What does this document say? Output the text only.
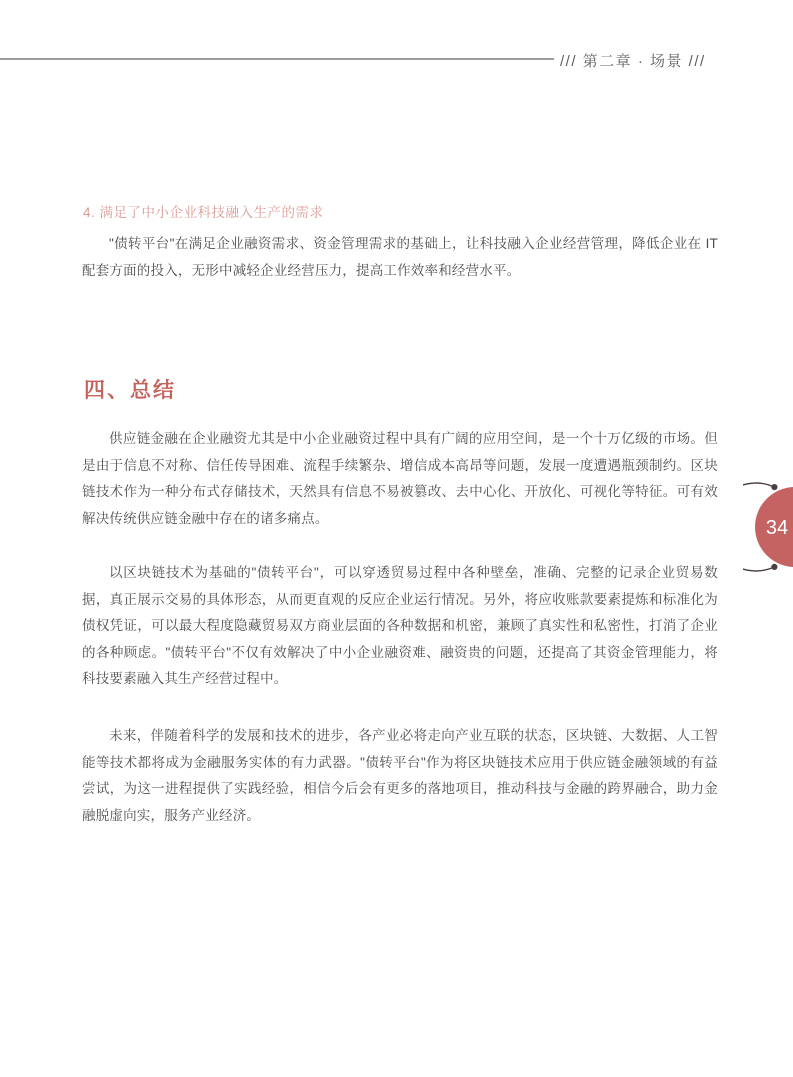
/// 第二章 · 场景 ///
4. 满足了中小企业科技融入生产的需求

"债转平台"在满足企业融资需求、资金管理需求的基础上，让科技融入企业经营管理，降低企业在 IT 配套方面的投入，无形中减轻企业经营压力，提高工作效率和经营水平。

四、总结

供应链金融在企业融资尤其是中小企业融资过程中具有广阔的应用空间，是一个十万亿级的市场。但是由于信息不对称、信任传导困难、流程手续繁杂、增信成本高昂等问题，发展一度遭遇瓶颈制约。区块链技术作为一种分布式存储技术，天然具有信息不易被篡改、去中心化、开放化、可视化等特征。可有效解决传统供应链金融中存在的诸多痛点。

以区块链技术为基础的"债转平台"，可以穿透贸易过程中各种壁垒，准确、完整的记录企业贸易数据，真正展示交易的具体形态，从而更直观的反应企业运行情况。另外，将应收账款要素提炼和标准化为债权凭证，可以最大程度隐藏贸易双方商业层面的各种数据和机密，兼顾了真实性和私密性，打消了企业的各种顾虑。"债转平台"不仅有效解决了中小企业融资难、融资贵的问题，还提高了其资金管理能力，将科技要素融入其生产经营过程中。

未来，伴随着科学的发展和技术的进步，各产业必将走向产业互联的状态，区块链、大数据、人工智能等技术都将成为金融服务实体的有力武器。"债转平台"作为将区块链技术应用于供应链金融领域的有益尝试，为这一进程提供了实践经验，相信今后会有更多的落地项目，推动科技与金融的跨界融合，助力金融脱虚向实，服务产业经济。

34
